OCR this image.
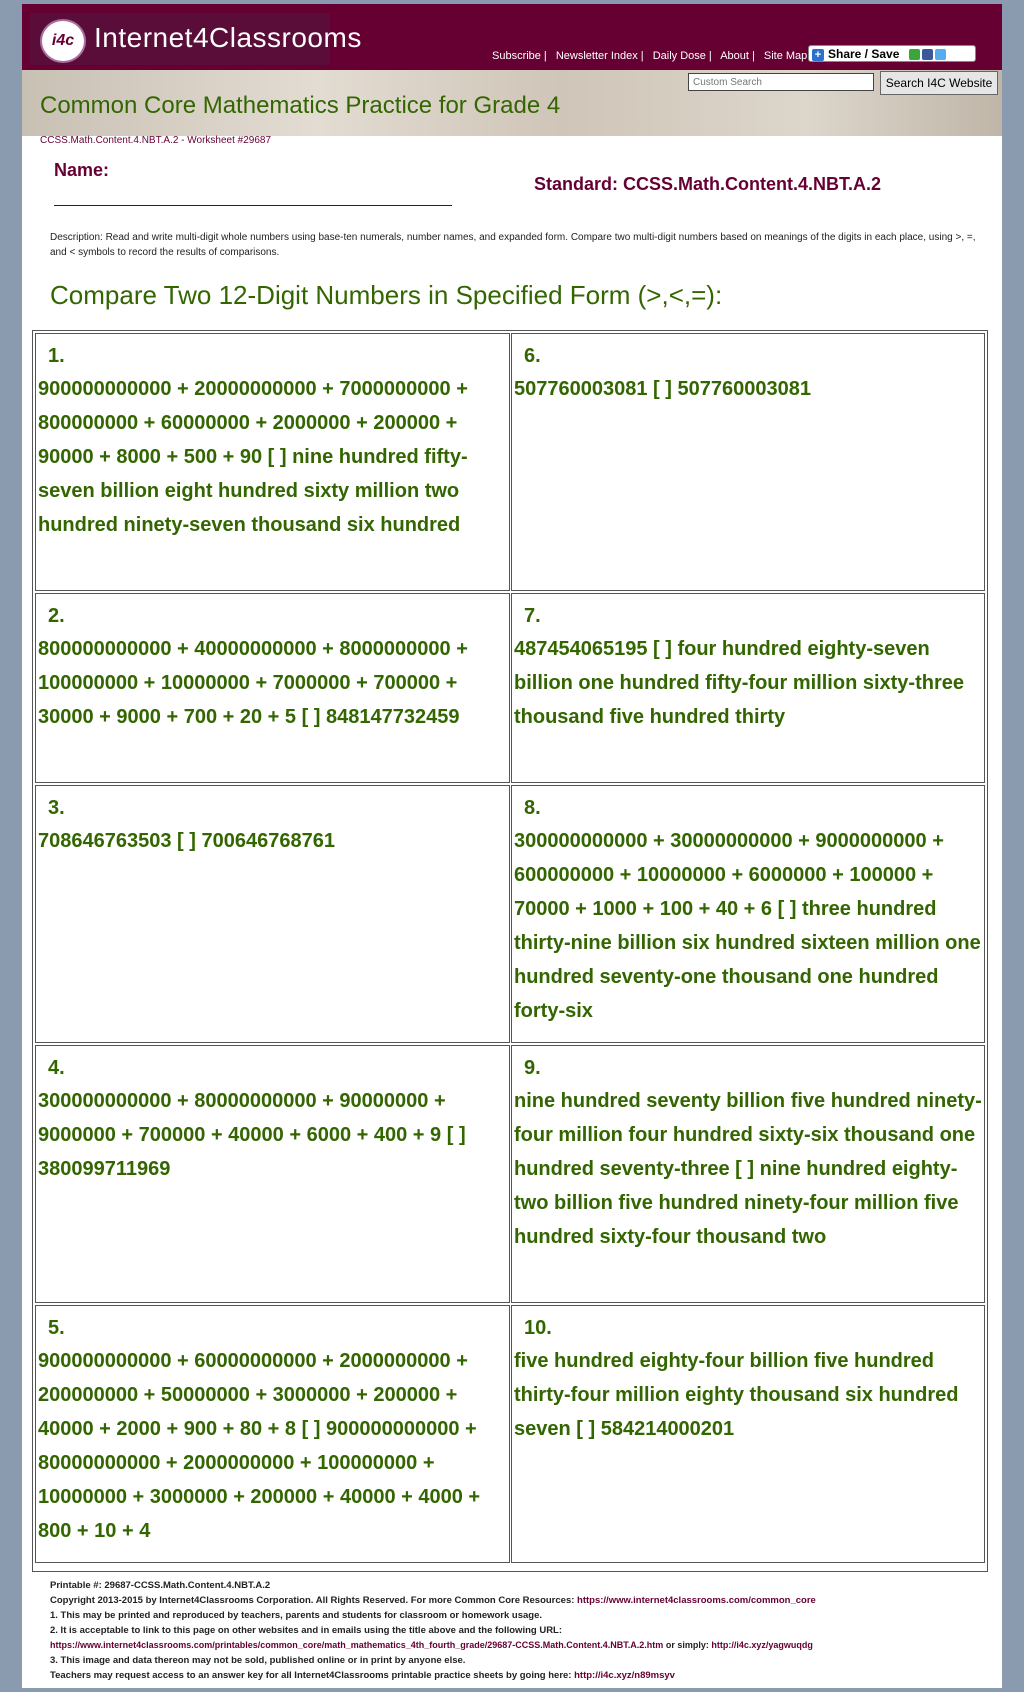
i4c Internet4Classrooms
Subscribe | Newsletter Index | Daily Dose | About | Site Map + Share / Save
Common Core Mathematics Practice for Grade 4
Custom Search
Search I4C Website
CCSS.Math.Content.4.NBT.A.2 - Worksheet #29687
Name:
Standard: CCSS.Math.Content.4.NBT.A.2
Description: Read and write multi-digit whole numbers using base-ten numerals, number names, and expanded form. Compare two multi-digit numbers based on meanings of the digits in each place, using >, =, and < symbols to record the results of comparisons.
Compare Two 12-Digit Numbers in Specified Form (>,<,=):
1.
900000000000 + 20000000000 + 7000000000 + 800000000 + 60000000 + 2000000 + 200000 + 90000 + 8000 + 500 + 90 [ ] nine hundred fifty-seven billion eight hundred sixty million two hundred ninety-seven thousand six hundred
6.
507760003081 [ ] 507760003081
2.
800000000000 + 40000000000 + 8000000000 + 100000000 + 10000000 + 7000000 + 700000 + 30000 + 9000 + 700 + 20 + 5 [ ] 848147732459
7.
487454065195 [ ] four hundred eighty-seven billion one hundred fifty-four million sixty-three thousand five hundred thirty
3.
708646763503 [ ] 700646768761
8.
300000000000 + 30000000000 + 9000000000 + 600000000 + 10000000 + 6000000 + 100000 + 70000 + 1000 + 100 + 40 + 6 [ ] three hundred thirty-nine billion six hundred sixteen million one hundred seventy-one thousand one hundred forty-six
4.
300000000000 + 80000000000 + 90000000 + 9000000 + 700000 + 40000 + 6000 + 400 + 9 [ ] 380099711969
9.
nine hundred seventy billion five hundred ninety-four million four hundred sixty-six thousand one hundred seventy-three [ ] nine hundred eighty-two billion five hundred ninety-four million five hundred sixty-four thousand two
5.
900000000000 + 60000000000 + 2000000000 + 200000000 + 50000000 + 3000000 + 200000 + 40000 + 2000 + 900 + 80 + 8 [ ] 900000000000 + 80000000000 + 2000000000 + 100000000 + 10000000 + 3000000 + 200000 + 40000 + 4000 + 800 + 10 + 4
10.
five hundred eighty-four billion five hundred thirty-four million eighty thousand six hundred seven [ ] 584214000201
Printable #: 29687-CCSS.Math.Content.4.NBT.A.2
Copyright 2013-2015 by Internet4Classrooms Corporation. All Rights Reserved. For more Common Core Resources: https://www.internet4classrooms.com/common_core
1. This may be printed and reproduced by teachers, parents and students for classroom or homework usage.
2. It is acceptable to link to this page on other websites and in emails using the title above and the following URL:
https://www.internet4classrooms.com/printables/common_core/math_mathematics_4th_fourth_grade/29687-CCSS.Math.Content.4.NBT.A.2.htm or simply: http://i4c.xyz/yagwuqdg
3. This image and data thereon may not be sold, published online or in print by anyone else.
Teachers may request access to an answer key for all Internet4Classrooms printable practice sheets by going here: http://i4c.xyz/n89msyv
